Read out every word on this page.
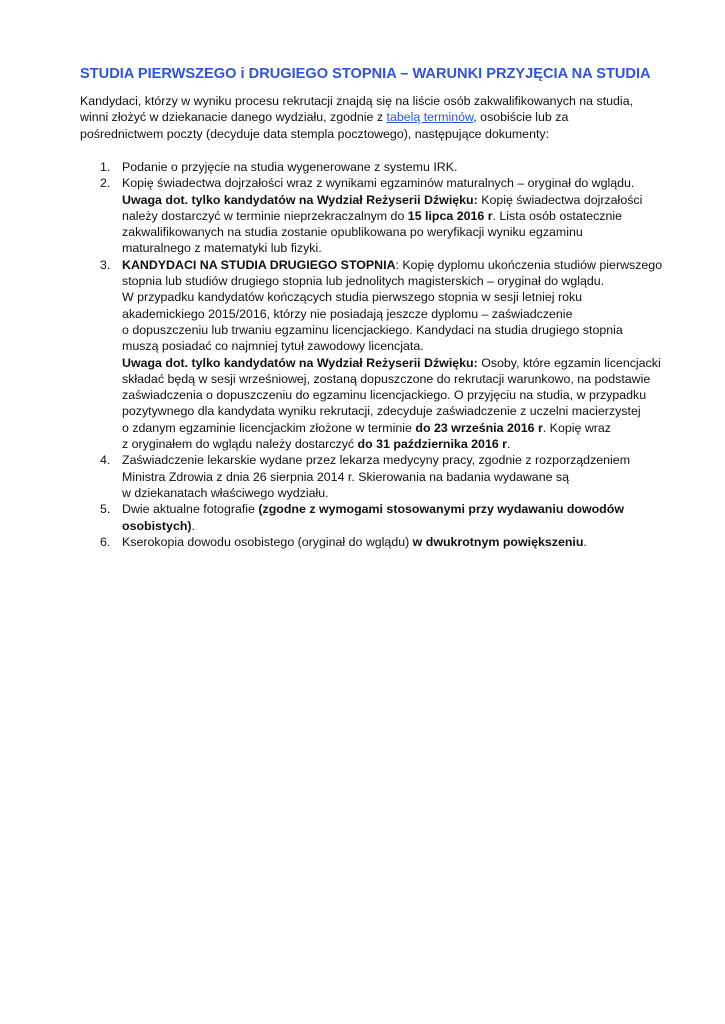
STUDIA PIERWSZEGO i DRUGIEGO STOPNIA – WARUNKI PRZYJĘCIA NA STUDIA
Kandydaci, którzy w wyniku procesu rekrutacji znajdą się na liście osób zakwalifikowanych na studia,
winni złożyć w dziekanacie danego wydziału, zgodnie z tabelą terminów, osobiście lub za
pośrednictwem poczty (decyduje data stempla pocztowego), następujące dokumenty:
1. Podanie o przyjęcie na studia wygenerowane z systemu IRK.
2. Kopię świadectwa dojrzałości wraz z wynikami egzaminów maturalnych – oryginał do wglądu.
Uwaga dot. tylko kandydatów na Wydział Reżyserii Dźwięku: Kopię świadectwa dojrzałości
należy dostarczyć w terminie nieprzekraczalnym do 15 lipca 2016 r. Lista osób ostatecznie
zakwalifikowanych na studia zostanie opublikowana po weryfikacji wyniku egzaminu
maturalnego z matematyki lub fizyki.
3. KANDYDACI NA STUDIA DRUGIEGO STOPNIA: Kopię dyplomu ukończenia studiów pierwszego
stopnia lub studiów drugiego stopnia lub jednolitych magisterskich – oryginał do wglądu.
W przypadku kandydatów kończących studia pierwszego stopnia w sesji letniej roku
akademickiego 2015/2016, którzy nie posiadają jeszcze dyplomu – zaświadczenie
o dopuszczeniu lub trwaniu egzaminu licencjackiego. Kandydaci na studia drugiego stopnia
muszą posiadać co najmniej tytuł zawodowy licencjata.
Uwaga dot. tylko kandydatów na Wydział Reżyserii Dźwięku: Osoby, które egzamin licencjacki
składać będą w sesji wrześniowej, zostaną dopuszczone do rekrutacji warunkowo, na podstawie
zaświadczenia o dopuszczeniu do egzaminu licencjackiego. O przyjęciu na studia, w przypadku
pozytywnego dla kandydata wyniku rekrutacji, zdecyduje zaświadczenie z uczelni macierzystej
o zdanym egzaminie licencjackim złożone w terminie do 23 września 2016 r. Kopię wraz
z oryginałem do wglądu należy dostarczyć do 31 października 2016 r.
4. Zaświadczenie lekarskie wydane przez lekarza medycyny pracy, zgodnie z rozporządzeniem
Ministra Zdrowia z dnia 26 sierpnia 2014 r. Skierowania na badania wydawane są
w dziekanatach właściwego wydziału.
5. Dwie aktualne fotografie (zgodne z wymogami stosowanymi przy wydawaniu dowodów
osobistych).
6. Kserokopia dowodu osobistego (oryginał do wglądu) w dwukrotnym powiększeniu.
